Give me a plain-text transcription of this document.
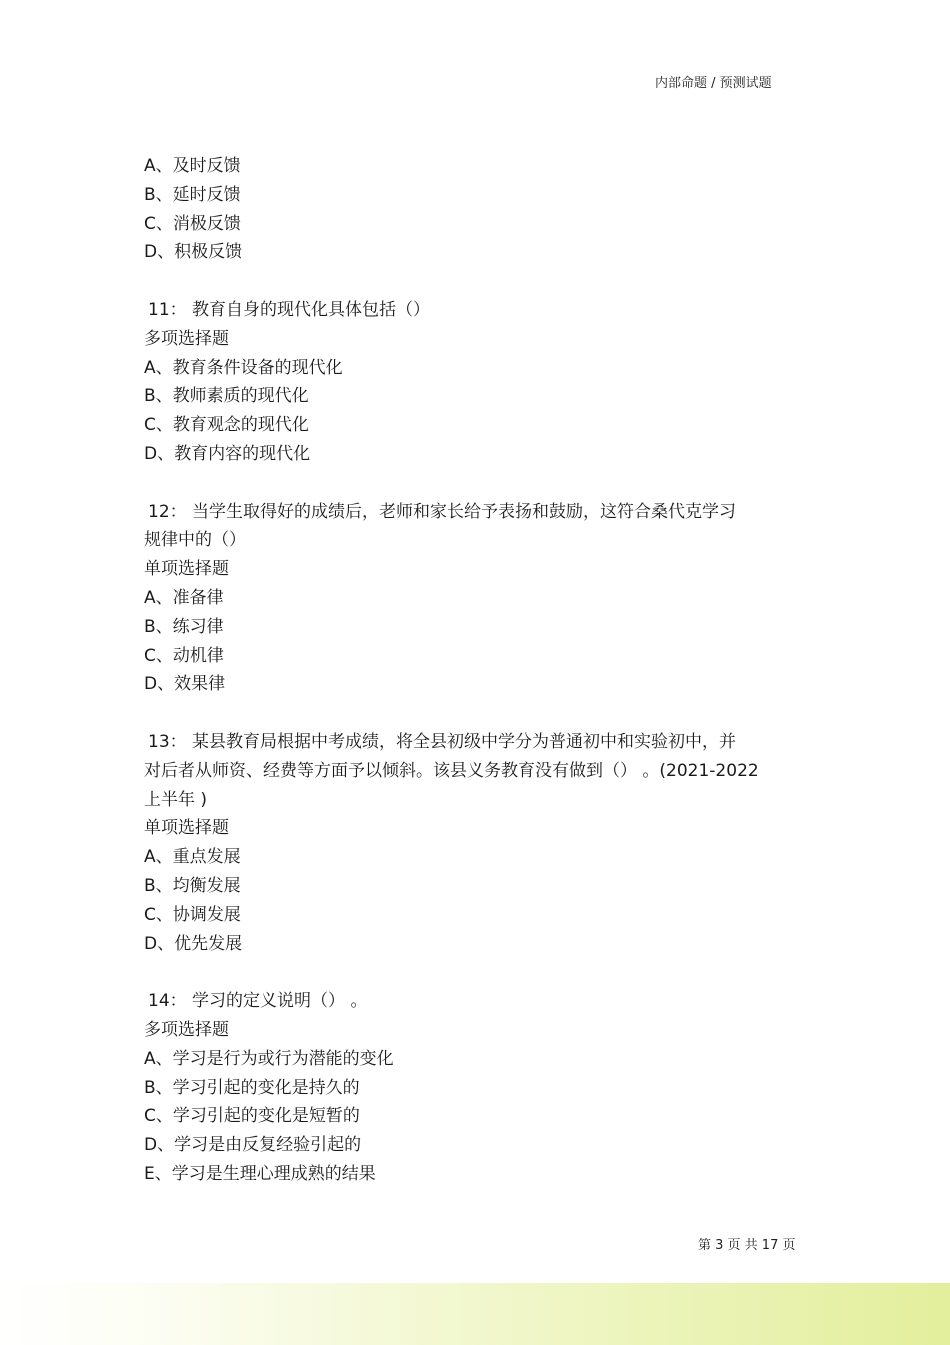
内部命题 / 预测试题
A、及时反馈
B、延时反馈
C、消极反馈
D、积极反馈
11： 教育自身的现代化具体包括（）
多项选择题
A、教育条件设备的现代化
B、教师素质的现代化
C、教育观念的现代化
D、教育内容的现代化
12： 当学生取得好的成绩后，老师和家长给予表扬和鼓励，这符合桑代克学习
规律中的（）
单项选择题
A、准备律
B、练习律
C、动机律
D、效果律
13： 某县教育局根据中考成绩，将全县初级中学分为普通初中和实验初中，并
对后者从师资、经费等方面予以倾斜。该县义务教育没有做到（） 。(2021-2022
上半年 )
单项选择题
A、重点发展
B、均衡发展
C、协调发展
D、优先发展
14： 学习的定义说明（） 。
多项选择题
A、学习是行为或行为潜能的变化
B、学习引起的变化是持久的
C、学习引起的变化是短暂的
D、学习是由反复经验引起的
E、学习是生理心理成熟的结果
第 3 页 共 17 页
